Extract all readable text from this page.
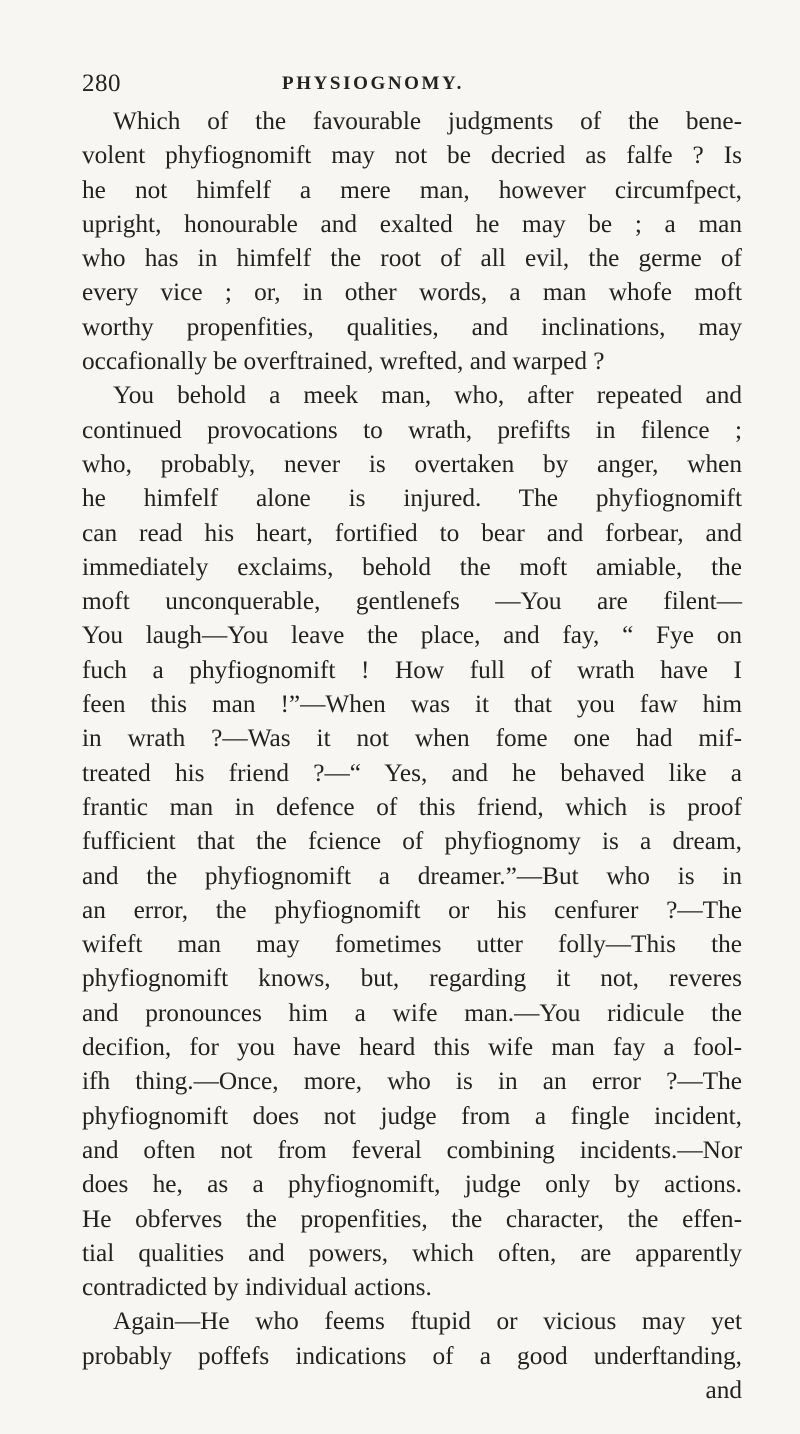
280	PHYSIOGNOMY.
Which of the favourable judgments of the bene-
volent phyfiognomift may not be decried as falfe ? Is
he not himfelf a mere man, however circumfpect,
upright, honourable and exalted he may be ; a man
who has in himfelf the root of all evil, the germe of
every vice ; or, in other words, a man whofe moft
worthy propenfities, qualities, and inclinations, may
occafionally be overftrained, wrefted, and warped ?
You behold a meek man, who, after repeated and
continued provocations to wrath, prefifts in filence ;
who, probably, never is overtaken by anger, when
he himfelf alone is injured. The phyfiognomift
can read his heart, fortified to bear and forbear, and
immediately exclaims, behold the moft amiable, the
moft unconquerable, gentlenefs —You are filent—
You laugh—You leave the place, and fay, “ Fye on
fuch a phyfiognomift ! How full of wrath have I
feen this man !”—When was it that you faw him
in wrath ?—Was it not when fome one had mif-
treated his friend ?—“ Yes, and he behaved like a
frantic man in defence of this friend, which is proof
fufficient that the fcience of phyfiognomy is a dream,
and the phyfiognomift a dreamer.”—But who is in
an error, the phyfiognomift or his cenfurer ?—The
wifeft man may fometimes utter folly—This the
phyfiognomift knows, but, regarding it not, reveres
and pronounces him a wife man.—You ridicule the
decifion, for you have heard this wife man fay a fool-
ifh thing.—Once, more, who is in an error ?—The
phyfiognomift does not judge from a fingle incident,
and often not from feveral combining incidents.—Nor
does he, as a phyfiognomift, judge only by actions.
He obferves the propenfities, the character, the effen-
tial qualities and powers, which often, are apparently
contradicted by individual actions.
Again—He who feems ftupid or vicious may yet
probably poffefs indications of a good underftanding,
and
